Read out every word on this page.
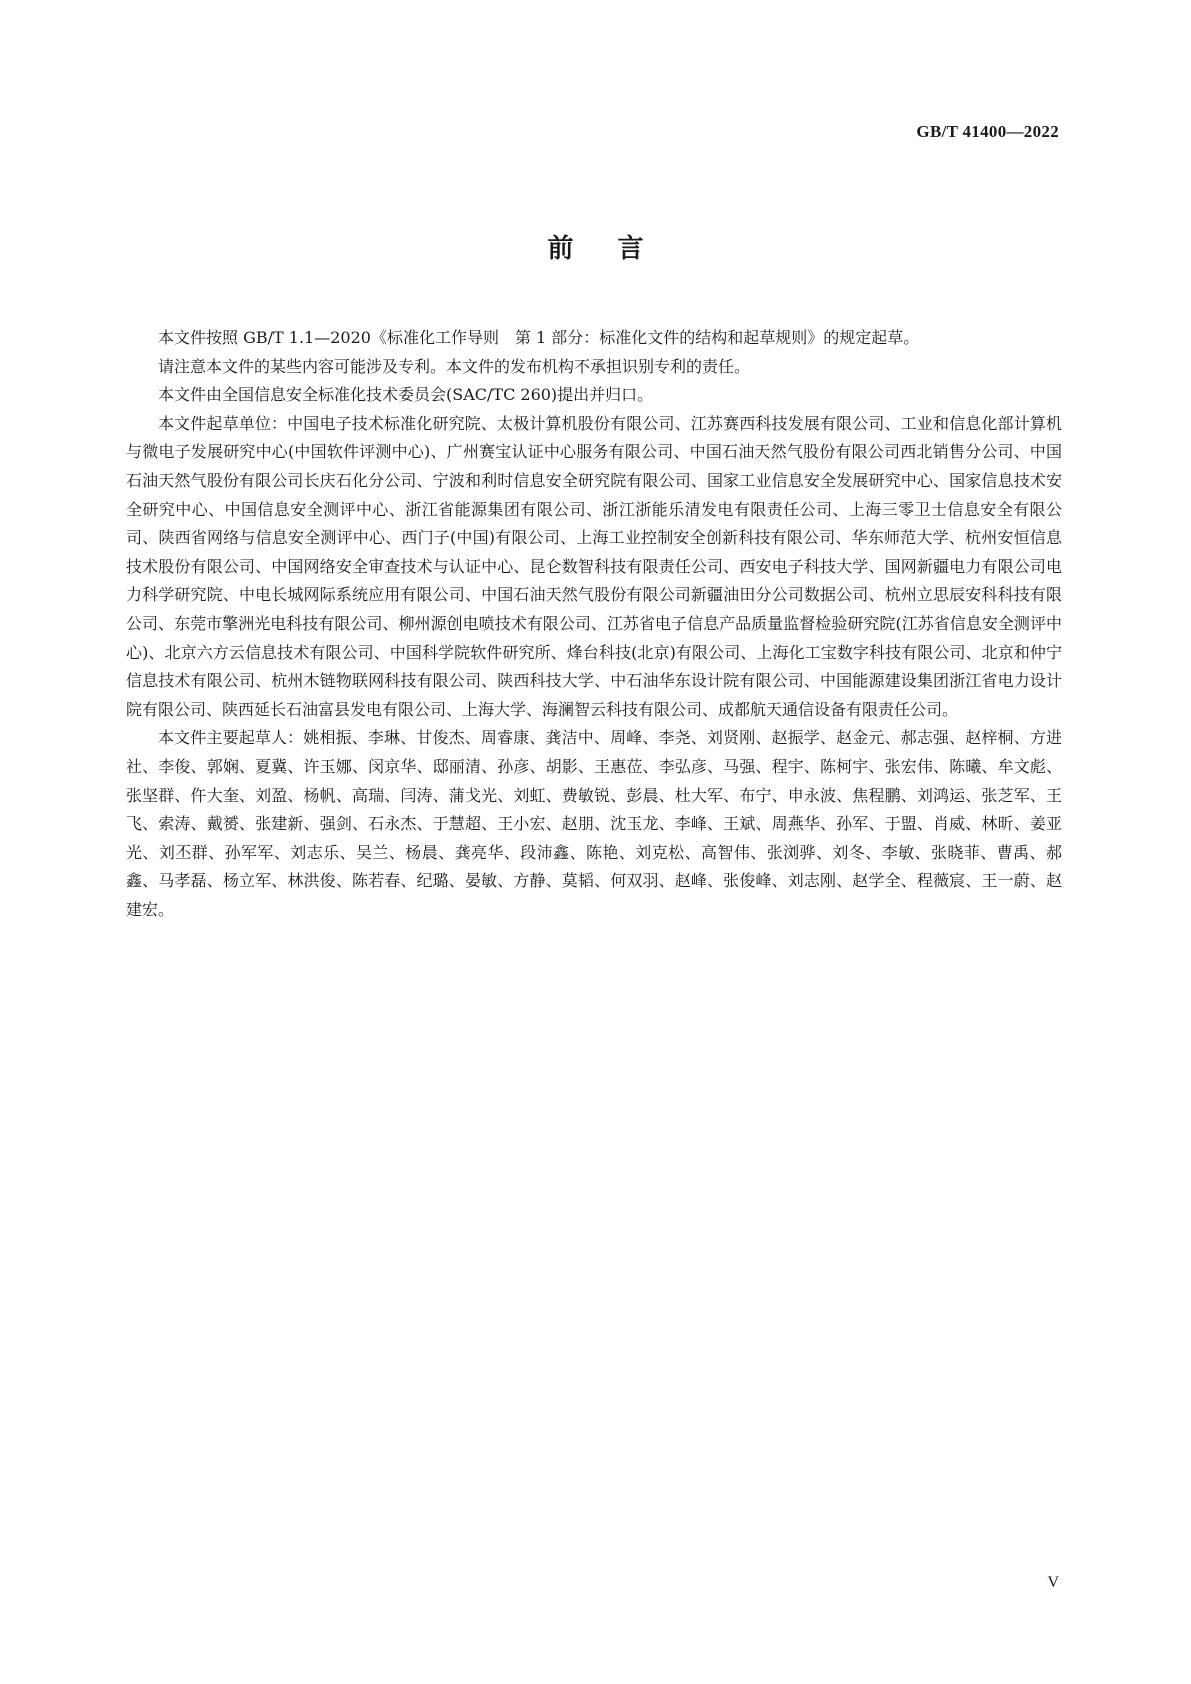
GB/T 41400—2022
前言

本文件按照 GB/T 1.1—2020《标准化工作导则　第 1 部分：标准化文件的结构和起草规则》的规定起草。

请注意本文件的某些内容可能涉及专利。本文件的发布机构不承担识别专利的责任。

本文件由全国信息安全标准化技术委员会(SAC/TC 260)提出并归口。

本文件起草单位：中国电子技术标准化研究院、太极计算机股份有限公司、江苏赛西科技发展有限公司、工业和信息化部计算机与微电子发展研究中心(中国软件评测中心)、广州赛宝认证中心服务有限公司、中国石油天然气股份有限公司西北销售分公司、中国石油天然气股份有限公司长庆石化分公司、宁波和利时信息安全研究院有限公司、国家工业信息安全发展研究中心、国家信息技术安全研究中心、中国信息安全测评中心、浙江省能源集团有限公司、浙江浙能乐清发电有限责任公司、上海三零卫士信息安全有限公司、陕西省网络与信息安全测评中心、西门子(中国)有限公司、上海工业控制安全创新科技有限公司、华东师范大学、杭州安恒信息技术股份有限公司、中国网络安全审查技术与认证中心、昆仑数智科技有限责任公司、西安电子科技大学、国网新疆电力有限公司电力科学研究院、中电长城网际系统应用有限公司、中国石油天然气股份有限公司新疆油田分公司数据公司、杭州立思辰安科科技有限公司、东莞市擎洲光电科技有限公司、柳州源创电喷技术有限公司、江苏省电子信息产品质量监督检验研究院(江苏省信息安全测评中心)、北京六方云信息技术有限公司、中国科学院软件研究所、烽台科技(北京)有限公司、上海化工宝数字科技有限公司、北京和仲宁信息技术有限公司、杭州木链物联网科技有限公司、陕西科技大学、中石油华东设计院有限公司、中国能源建设集团浙江省电力设计院有限公司、陕西延长石油富县发电有限公司、上海大学、海澜智云科技有限公司、成都航天通信设备有限责任公司。

本文件主要起草人：姚相振、李琳、甘俊杰、周睿康、龚洁中、周峰、李尧、刘贤刚、赵振学、赵金元、郝志强、赵梓桐、方进社、李俊、郭娴、夏冀、许玉娜、闵京华、邸丽清、孙彦、胡影、王惠莅、李弘彦、马强、程宇、陈柯宇、张宏伟、陈曦、牟文彪、张坚群、仵大奎、刘盈、杨帆、高瑞、闫涛、蒲戈光、刘虹、费敏锐、彭晨、杜大军、布宁、申永波、焦程鹏、刘鸿运、张芝军、王飞、索涛、戴赟、张建新、强剑、石永杰、于慧超、王小宏、赵朋、沈玉龙、李峰、王斌、周燕华、孙军、于盟、肖威、林昕、姜亚光、刘丕群、孙军军、刘志乐、吴兰、杨晨、龚亮华、段沛鑫、陈艳、刘克松、高智伟、张浏骅、刘冬、李敏、张晓菲、曹禹、郝鑫、马孝磊、杨立军、林洪俊、陈若春、纪璐、晏敏、方静、莫韬、何双羽、赵峰、张俊峰、刘志刚、赵学全、程薇宸、王一蔚、赵建宏。

V
